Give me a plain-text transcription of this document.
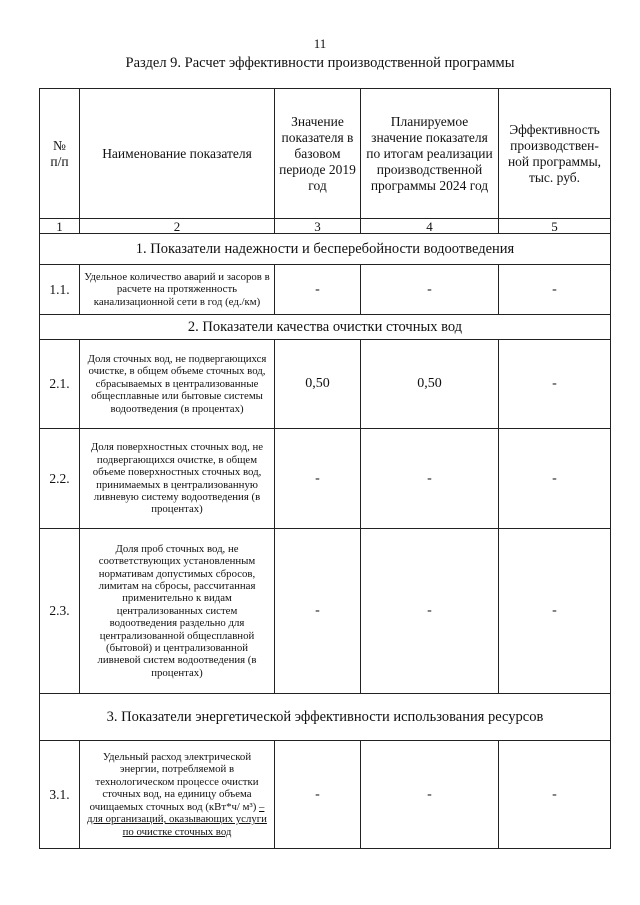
11
Раздел 9. Расчет эффективности производственной программы
№
п/п	Наименование показателя	Значение показателя в базовом периоде 2019 год	Планируемое значение показателя по итогам реализации производственной программы 2024 год	Эффективность производствен-ной программы, тыс. руб.
1	2	3	4	5
1. Показатели надежности и бесперебойности водоотведения				
1.1.	Удельное количество аварий и засоров в расчете на протяженность канализационной сети в год (ед./км)	-	-	-
2. Показатели качества очистки сточных вод				
2.1.	Доля сточных вод, не подвергающихся очистке, в общем объеме сточных вод, сбрасываемых в централизованные общесплавные или бытовые системы водоотведения (в процентах)	0,50	0,50	-
2.2.	Доля поверхностных сточных вод, не подвергающихся очистке, в общем объеме поверхностных сточных вод, принимаемых в централизованную ливневую систему водоотведения (в процентах)	-	-	-
2.3.	Доля проб сточных вод, не соответствующих установленным нормативам допустимых сбросов, лимитам на сбросы, рассчитанная применительно к видам централизованных систем водоотведения раздельно для централизованной общесплавной (бытовой) и централизованной ливневой систем водоотведения (в процентах)	-	-	-
3. Показатели энергетической эффективности использования ресурсов				
3.1.	Удельный расход электрической энергии, потребляемой в технологическом процессе очистки сточных вод, на единицу объема очищаемых сточных вод (кВт*ч/ м³) – для организаций, оказывающих услуги по очистке сточных вод	-	-	-
